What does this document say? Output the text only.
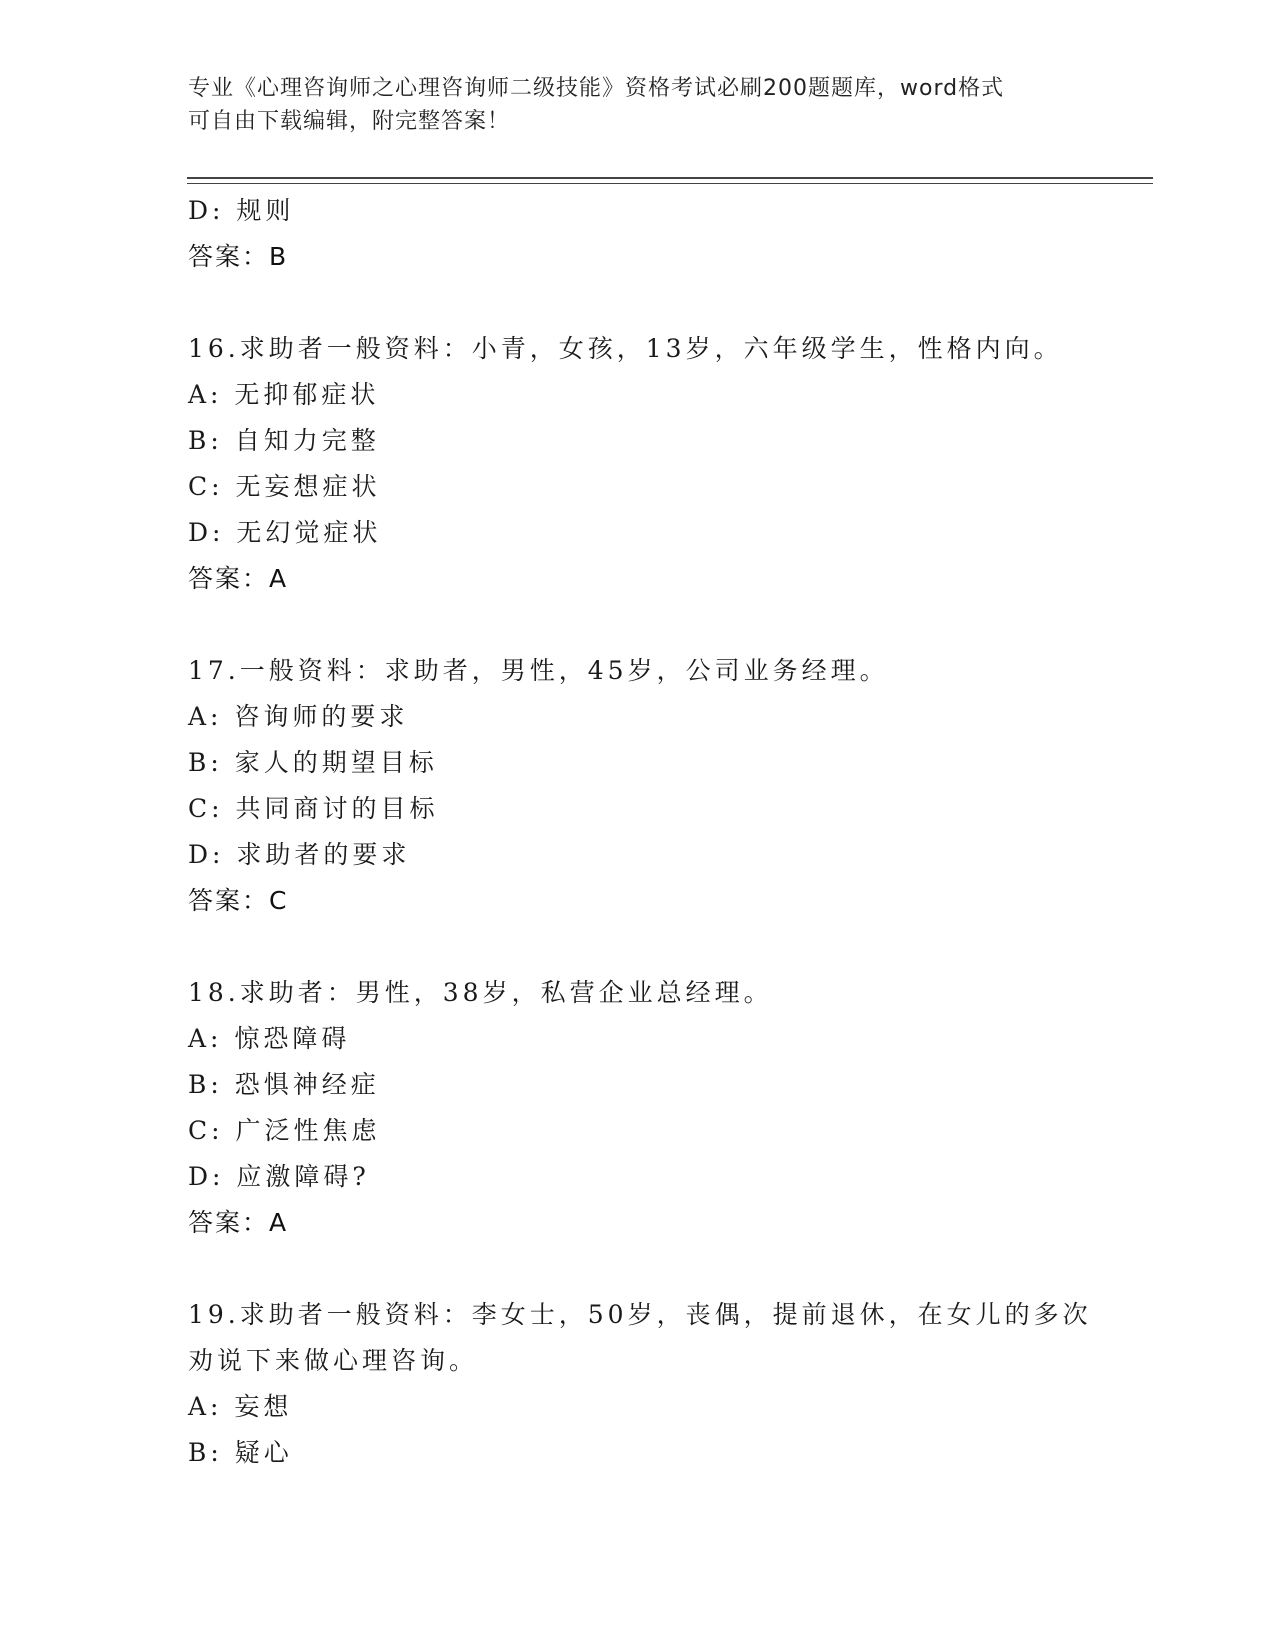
专业《心理咨询师之心理咨询师二级技能》资格考试必刷200题题库，word格式
可自由下载编辑，附完整答案！
D: 规则
答案：B
16.求助者一般资料：小青，女孩，13岁，六年级学生，性格内向。
A: 无抑郁症状
B: 自知力完整
C: 无妄想症状
D: 无幻觉症状
答案：A
17.一般资料：求助者，男性，45岁，公司业务经理。
A: 咨询师的要求
B: 家人的期望目标
C: 共同商讨的目标
D: 求助者的要求
答案：C
18.求助者：男性，38岁，私营企业总经理。
A: 惊恐障碍
B: 恐惧神经症
C: 广泛性焦虑
D: 应激障碍?
答案：A
19.求助者一般资料：李女士，50岁，丧偶，提前退休，在女儿的多次
劝说下来做心理咨询。
A: 妄想
B: 疑心
